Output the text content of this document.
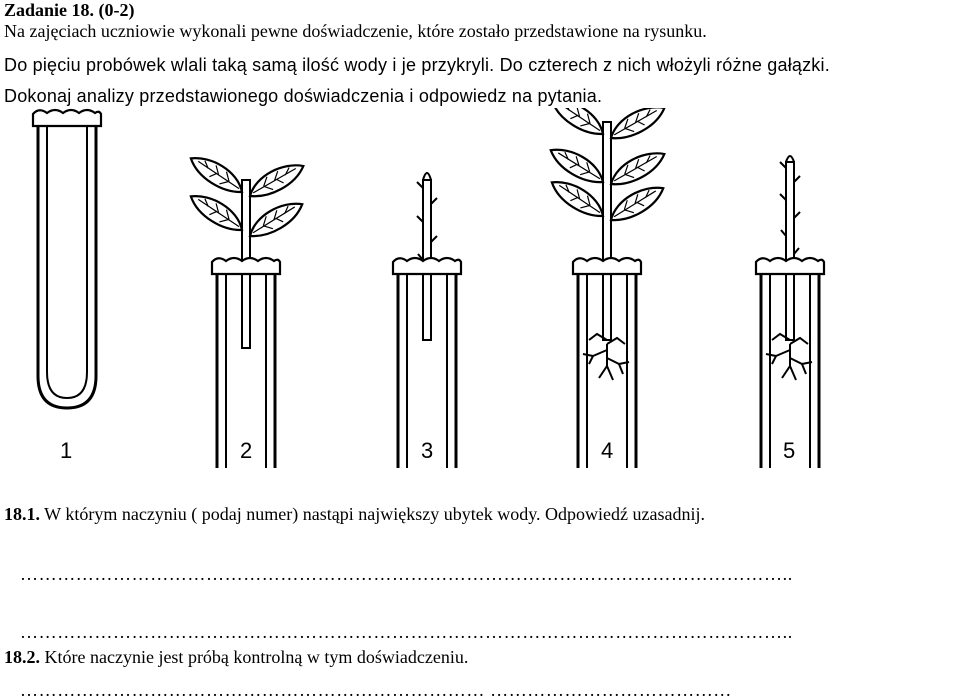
Zadanie 18. (0-2)
Na zajęciach uczniowie wykonali pewne doświadczenie, które zostało przedstawione na rysunku.
Do pięciu probówek wlali taką samą ilość wody i je przykryli. Do czterech z nich włożyli różne gałązki.
Dokonaj analizy przedstawionego doświadczenia i odpowiedz na pytania.
1	2	3	4	5
18.1. W którym naczyniu ( podaj numer) nastąpi największy ubytek wody. Odpowiedź uzasadnij.
……………………………………………………………………………………………………………..
……………………………………………………………………………………………………………..
18.2. Które naczynie jest próbą kontrolną w tym doświadczeniu.
………………………………………………………………… …………………………………
